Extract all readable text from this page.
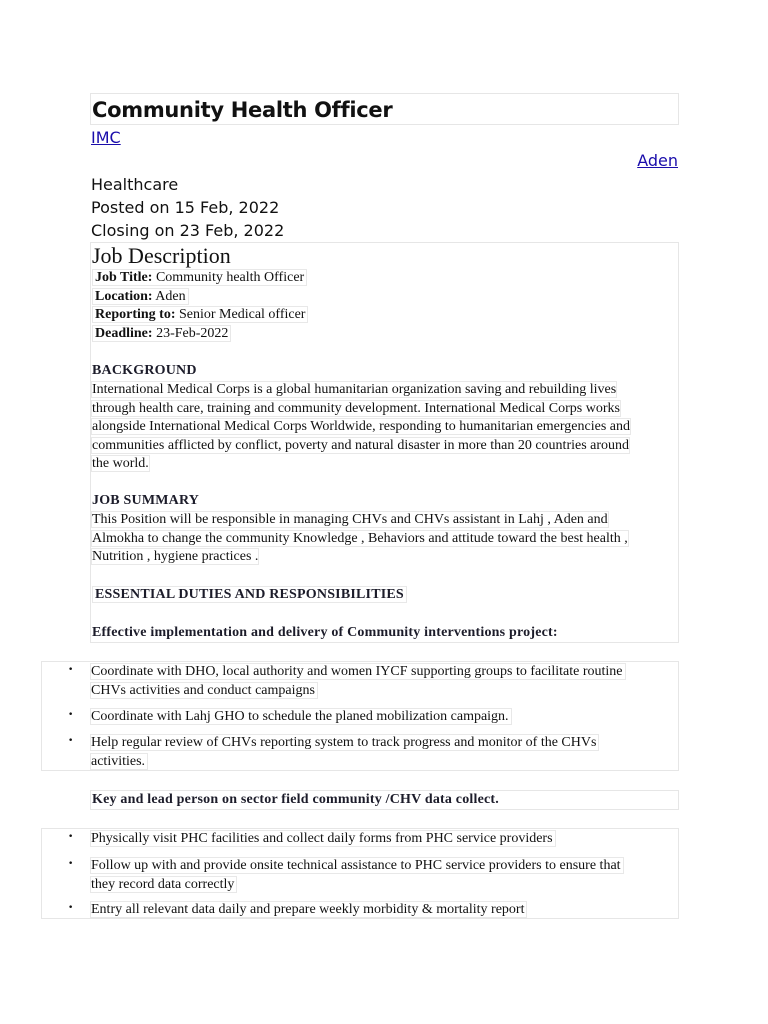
Community Health Officer
IMC
Aden
Healthcare
Posted on 15 Feb, 2022
Closing on 23 Feb, 2022
Job Description
Job Title: Community health Officer
Location: Aden
Reporting to: Senior Medical officer
Deadline: 23-Feb-2022
BACKGROUND
International Medical Corps is a global humanitarian organization saving and rebuilding lives
through health care, training and community development. International Medical Corps works
alongside International Medical Corps Worldwide, responding to humanitarian emergencies and
communities afflicted by conflict, poverty and natural disaster in more than 20 countries around
the world.
JOB SUMMARY
This Position will be responsible in managing CHVs and CHVs assistant in Lahj , Aden and
Almokha to change the community Knowledge , Behaviors and attitude toward the best health ,
Nutrition , hygiene practices .
ESSENTIAL DUTIES AND RESPONSIBILITIES
Effective implementation and delivery of Community interventions project:
• Coordinate with DHO, local authority and women IYCF supporting groups to facilitate routine
CHVs activities and conduct campaigns
• Coordinate with Lahj GHO to schedule the planed mobilization campaign.
• Help regular review of CHVs reporting system to track progress and monitor of the CHVs
activities.
Key and lead person on sector field community /CHV data collect.
• Physically visit PHC facilities and collect daily forms from PHC service providers
• Follow up with and provide onsite technical assistance to PHC service providers to ensure that
they record data correctly
• Entry all relevant data daily and prepare weekly morbidity & mortality report
